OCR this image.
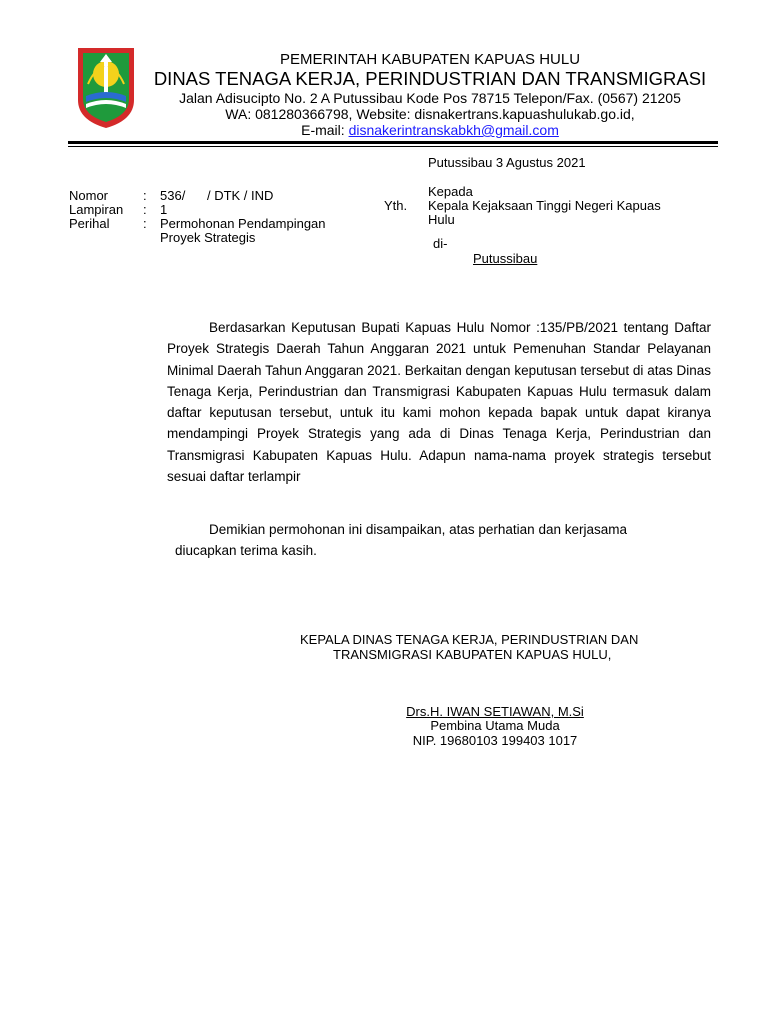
PEMERINTAH KABUPATEN KAPUAS HULU
DINAS TENAGA KERJA, PERINDUSTRIAN DAN TRANSMIGRASI
Jalan Adisucipto No. 2 A Putussibau Kode Pos 78715 Telepon/Fax. (0567) 21205
WA: 081280366798, Website: disnakertrans.kapuashulukab.go.id,
E-mail: disnakerintranskabkh@gmail.com
Putussibau 3 Agustus 2021
Nomor	: 536/      / DTK / IND
Lampiran : 1
Perihal	: Permohonan Pendampingan
Proyek Strategis
Kepada
Yth. Kepala Kejaksaan Tinggi Negeri Kapuas
Hulu
di-
Putussibau

Berdasarkan Keputusan Bupati Kapuas Hulu Nomor :135/PB/2021 tentang Daftar Proyek Strategis Daerah Tahun Anggaran 2021 untuk Pemenuhan Standar Pelayanan Minimal Daerah Tahun Anggaran 2021. Berkaitan dengan keputusan tersebut di atas Dinas Tenaga Kerja, Perindustrian dan Transmigrasi Kabupaten Kapuas Hulu termasuk dalam daftar keputusan tersebut, untuk itu kami mohon kepada bapak untuk dapat kiranya mendampingi Proyek Strategis yang ada di Dinas Tenaga Kerja, Perindustrian dan Transmigrasi Kabupaten Kapuas Hulu. Adapun nama-nama proyek strategis tersebut sesuai daftar terlampir

Demikian permohonan ini disampaikan, atas perhatian dan kerjasama
diucapkan terima kasih.
KEPALA DINAS TENAGA KERJA, PERINDUSTRIAN DAN
TRANSMIGRASI KABUPATEN KAPUAS HULU,
Drs.H. IWAN SETIAWAN, M.Si
Pembina Utama Muda
NIP. 19680103 199403 1017
